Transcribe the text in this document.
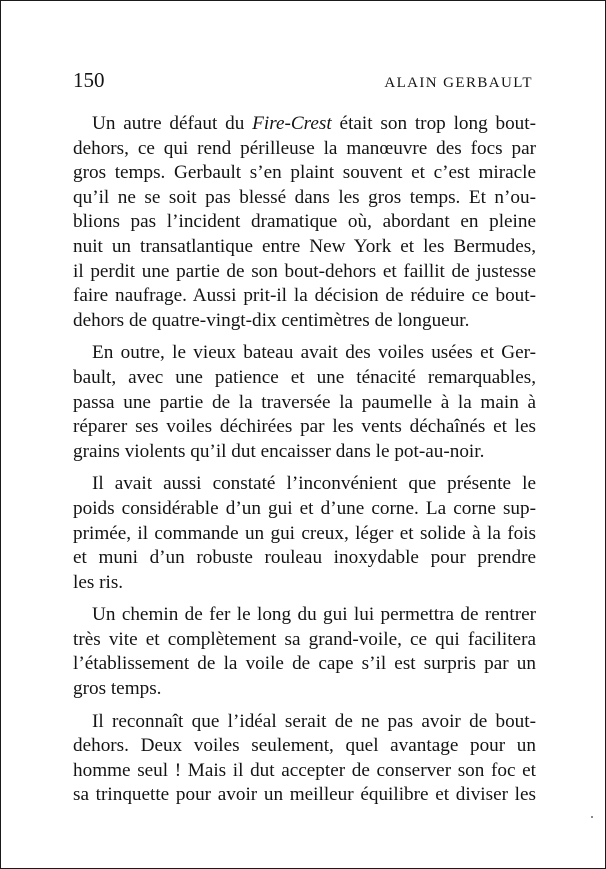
150	ALAIN GERBAULT
Un autre défaut du Fire-Crest était son trop long bout-
dehors, ce qui rend périlleuse la manœuvre des focs par
gros temps. Gerbault s’en plaint souvent et c’est miracle
qu’il ne se soit pas blessé dans les gros temps. Et n’ou-
blions pas l’incident dramatique où, abordant en pleine
nuit un transatlantique entre New York et les Bermudes,
il perdit une partie de son bout-dehors et faillit de justesse
faire naufrage. Aussi prit-il la décision de réduire ce bout-
dehors de quatre-vingt-dix centimètres de longueur.
En outre, le vieux bateau avait des voiles usées et Ger-
bault, avec une patience et une ténacité remarquables,
passa une partie de la traversée la paumelle à la main à
réparer ses voiles déchirées par les vents déchaînés et les
grains violents qu’il dut encaisser dans le pot-au-noir.
Il avait aussi constaté l’inconvénient que présente le
poids considérable d’un gui et d’une corne. La corne sup-
primée, il commande un gui creux, léger et solide à la fois
et muni d’un robuste rouleau inoxydable pour prendre
les ris.
Un chemin de fer le long du gui lui permettra de rentrer
très vite et complètement sa grand-voile, ce qui facilitera
l’établissement de la voile de cape s’il est surpris par un
gros temps.
Il reconnaît que l’idéal serait de ne pas avoir de bout-
dehors. Deux voiles seulement, quel avantage pour un
homme seul ! Mais il dut accepter de conserver son foc et
sa trinquette pour avoir un meilleur équilibre et diviser les
